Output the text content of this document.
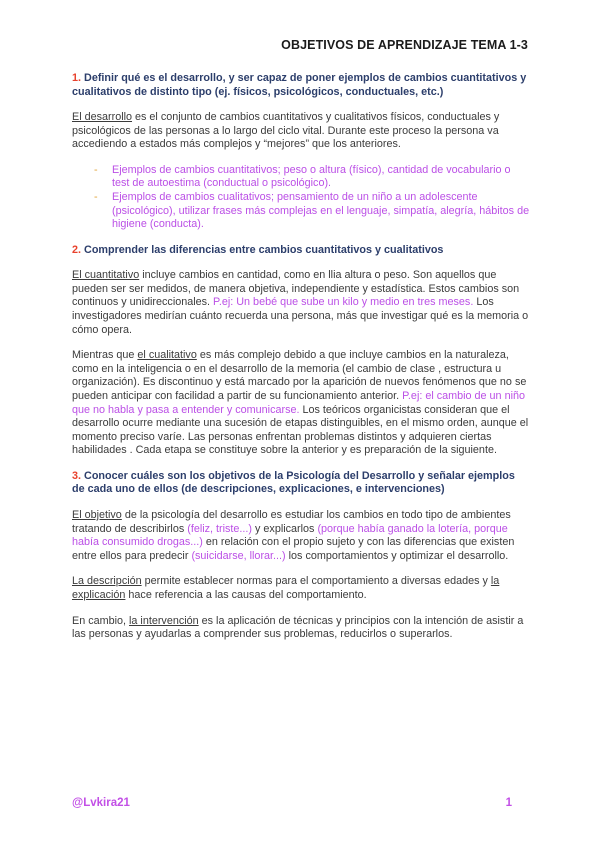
OBJETIVOS DE APRENDIZAJE TEMA 1-3
1. Definir qué es el desarrollo, y ser capaz de poner ejemplos de cambios cuantitativos y cualitativos de distinto tipo (ej. físicos, psicológicos, conductuales, etc.)

El desarrollo es el conjunto de cambios cuantitativos y cualitativos físicos, conductuales y psicológicos de las personas a lo largo del ciclo vital. Durante este proceso la persona va accediendo a estados más complejos y “mejores” que los anteriores.

- Ejemplos de cambios cuantitativos; peso o altura (físico), cantidad de vocabulario o test de autoestima (conductual o psicológico).
- Ejemplos de cambios cualitativos; pensamiento de un niño a un adolescente (psicológico), utilizar frases más complejas en el lenguaje, simpatía, alegría, hábitos de higiene (conducta).
2. Comprender las diferencias entre cambios cuantitativos y cualitativos

El cuantitativo incluye cambios en cantidad, como en llia altura o peso. Son aquellos que pueden ser ser medidos, de manera objetiva, independiente y estadística. Estos cambios son continuos y unidireccionales. P.ej: Un bebé que sube un kilo y medio en tres meses. Los investigadores medirían cuánto recuerda una persona, más que investigar qué es la memoria o cómo opera.

Mientras que el cualitativo es más complejo debido a que incluye cambios en la naturaleza, como en la inteligencia o en el desarrollo de la memoria (el cambio de clase , estructura u organización). Es discontinuo y está marcado por la aparición de nuevos fenómenos que no se pueden anticipar con facilidad a partir de su funcionamiento anterior. P.ej: el cambio de un niño que no habla y pasa a entender y comunicarse. Los teóricos organicistas consideran que el desarrollo ocurre mediante una sucesión de etapas distinguibles, en el mismo orden, aunque el momento preciso varíe. Las personas enfrentan problemas distintos y adquieren ciertas habilidades . Cada etapa se constituye sobre la anterior y es preparación de la siguiente.

3. Conocer cuáles son los objetivos de la Psicología del Desarrollo y señalar ejemplos de cada uno de ellos (de descripciones, explicaciones, e intervenciones)

El objetivo de la psicología del desarrollo es estudiar los cambios en todo tipo de ambientes tratando de describirlos (feliz, triste...) y explicarlos (porque había ganado la lotería, porque había consumido drogas...) en relación con el propio sujeto y con las diferencias que existen entre ellos para predecir (suicidarse, llorar...) los comportamientos y optimizar el desarrollo.

La descripción permite establecer normas para el comportamiento a diversas edades y la explicación hace referencia a las causas del comportamiento.

En cambio, la intervención es la aplicación de técnicas y principios con la intención de asistir a las personas y ayudarlas a comprender sus problemas, reducirlos o superarlos.

@Lvkira21	1
